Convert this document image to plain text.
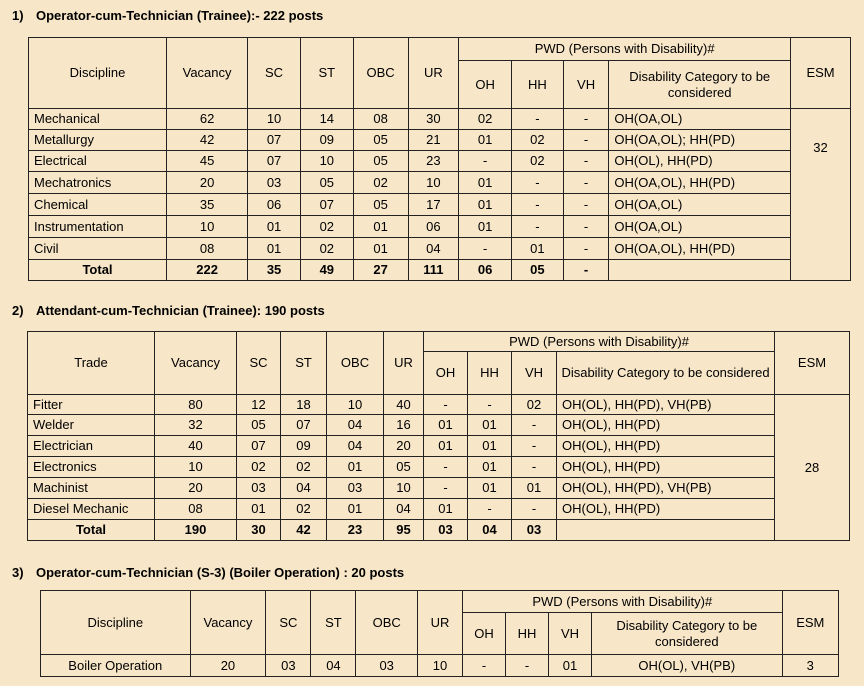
1) Operator-cum-Technician (Trainee):- 222 posts
Discipline	Vacancy	SC	ST	OBC	UR	PWD (Persons with Disability)#				ESM
						OH	HH	VH	Disability Category to be considered	
Mechanical	62	10	14	08	30	02	-	-	OH(OA,OL)	32
Metallurgy	42	07	09	05	21	01	02	-	OH(OA,OL); HH(PD)	
Electrical	45	07	10	05	23	-	02	-	OH(OL), HH(PD)	
Mechatronics	20	03	05	02	10	01	-	-	OH(OA,OL), HH(PD)	
Chemical	35	06	07	05	17	01	-	-	OH(OA,OL)	
Instrumentation	10	01	02	01	06	01	-	-	OH(OA,OL)	
Civil	08	01	02	01	04	-	01	-	OH(OA,OL), HH(PD)	
Total	222	35	49	27	111	06	05	-		
2) Attendant-cum-Technician (Trainee): 190 posts
Trade	Vacancy	SC	ST	OBC	UR	PWD (Persons with Disability)#				ESM
						OH	HH	VH	Disability Category to be considered	
Fitter	80	12	18	10	40	-	-	02	OH(OL), HH(PD), VH(PB)	28
Welder	32	05	07	04	16	01	01	-	OH(OL), HH(PD)	
Electrician	40	07	09	04	20	01	01	-	OH(OL), HH(PD)	
Electronics	10	02	02	01	05	-	01	-	OH(OL), HH(PD)	
Machinist	20	03	04	03	10	-	01	01	OH(OL), HH(PD), VH(PB)	
Diesel Mechanic	08	01	02	01	04	01	-	-	OH(OL), HH(PD)	
Total	190	30	42	23	95	03	04	03		
3) Operator-cum-Technician (S-3) (Boiler Operation) : 20 posts
Discipline	Vacancy	SC	ST	OBC	UR	PWD (Persons with Disability)#				ESM
						OH	HH	VH	Disability Category to be considered	
Boiler Operation	20	03	04	03	10	-	-	01	OH(OL), VH(PB)	3
